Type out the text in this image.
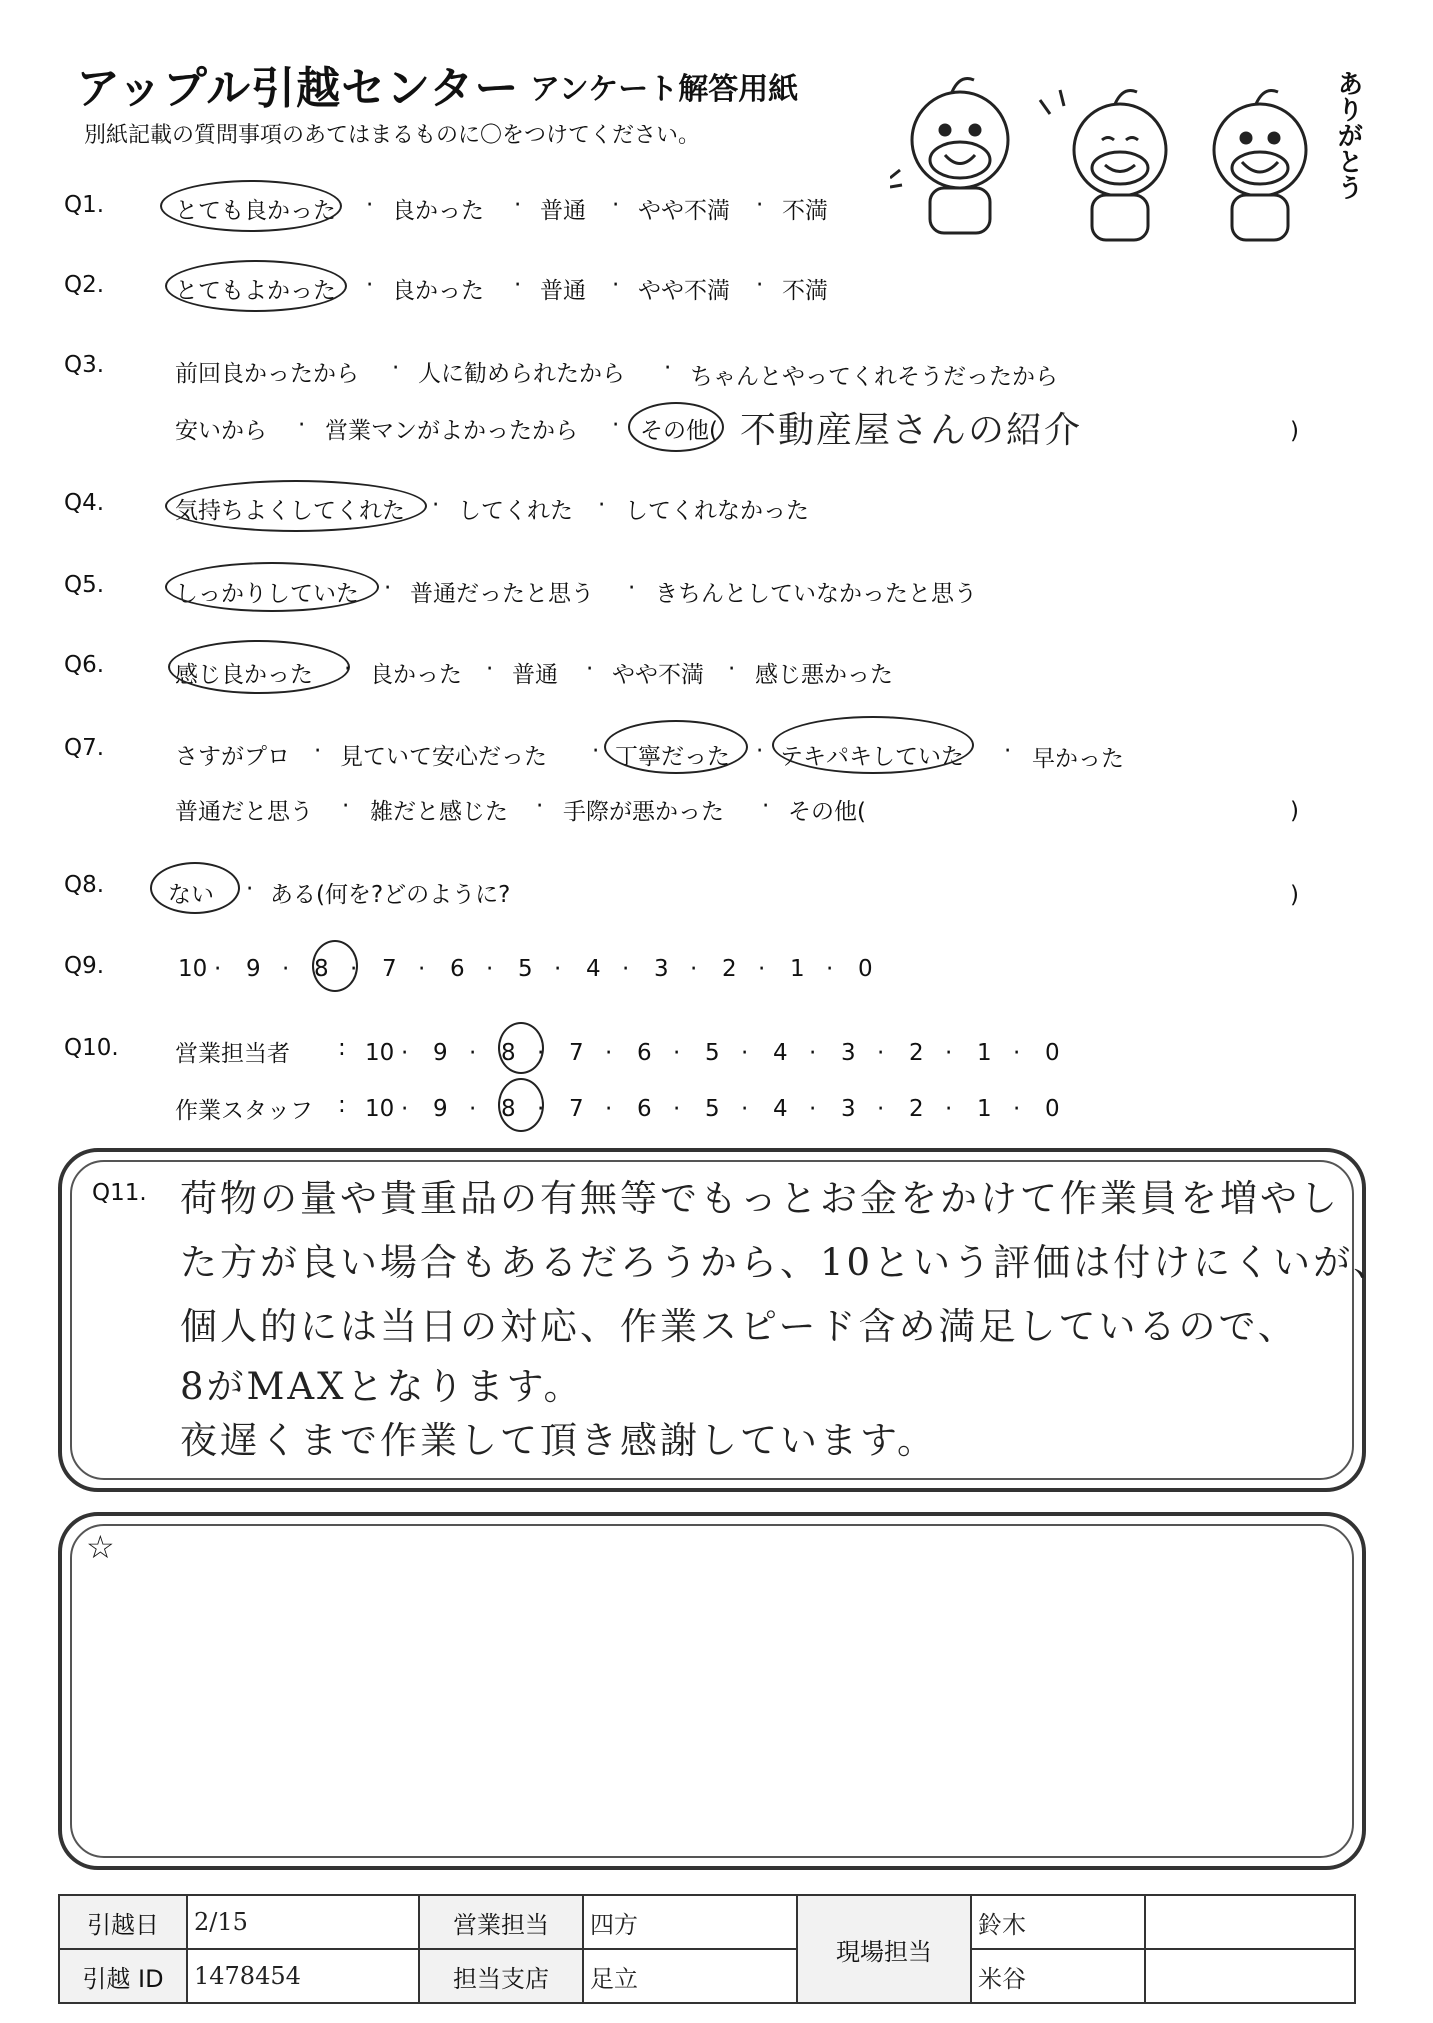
アップル引越センター アンケート解答用紙
別紙記載の質問事項のあてはまるものに〇をつけてください。	ありがとう
Q1.	とても良かった 良かった 普通 やや不満 不満
Q2.	とてもよかった 良かった 普通 やや不満 不満
Q3.	前回良かったから	人に勧められたから	ちゃんとやってくれそうだったから
安いから	営業マンがよかったから	その他( 不動産屋さんの紹介	)
Q4.	気持ちよくしてくれた してくれた してくれなかった
Q5.	しっかりしていた 普通だったと思う	きちんとしていなかったと思う
Q6.	感じ良かった 良かった 普通 やや不満 感じ悪かった
Q7.	さすがプロ 見ていて安心だった	丁寧だった テキパキしていた	早かった
普通だと思う 雑だと感じた 手際が悪かった	その他(	)
Q8.	ない ある(何を?どのように?	)
Q9.	10 · 9 · 8 · 7 · 6 · 5 · 4 · 3 · 2 · 1 · 0
Q10. 営業担当者 : 10 · 9 · 8 · 7 · 6 · 5 · 4 · 3 · 2 · 1 · 0
作業スタッフ : 10 · 9 · 8 · 7 · 6 · 5 · 4 · 3 · 2 · 1 · 0
Q11. 荷物の量や貴重品の有無等でもっとお金をかけて作業員を増やし
た方が良い場合もあるだろうから、10という評価は付けにくいが、
個人的には当日の対応、作業スピード含め満足しているので、
8がMAXとなります。
夜遅くまで作業して頂き感謝しています。
☆
引越日	2/15	営業担当	四方	現場担当	鈴木	
引越 ID	1478454	担当支店	足立		米谷	
·	·	·	·
·	·	·	·
·	·
·	·
·	·
·	·
·	·	·	·
·	·	·	·
·	·	·
·
